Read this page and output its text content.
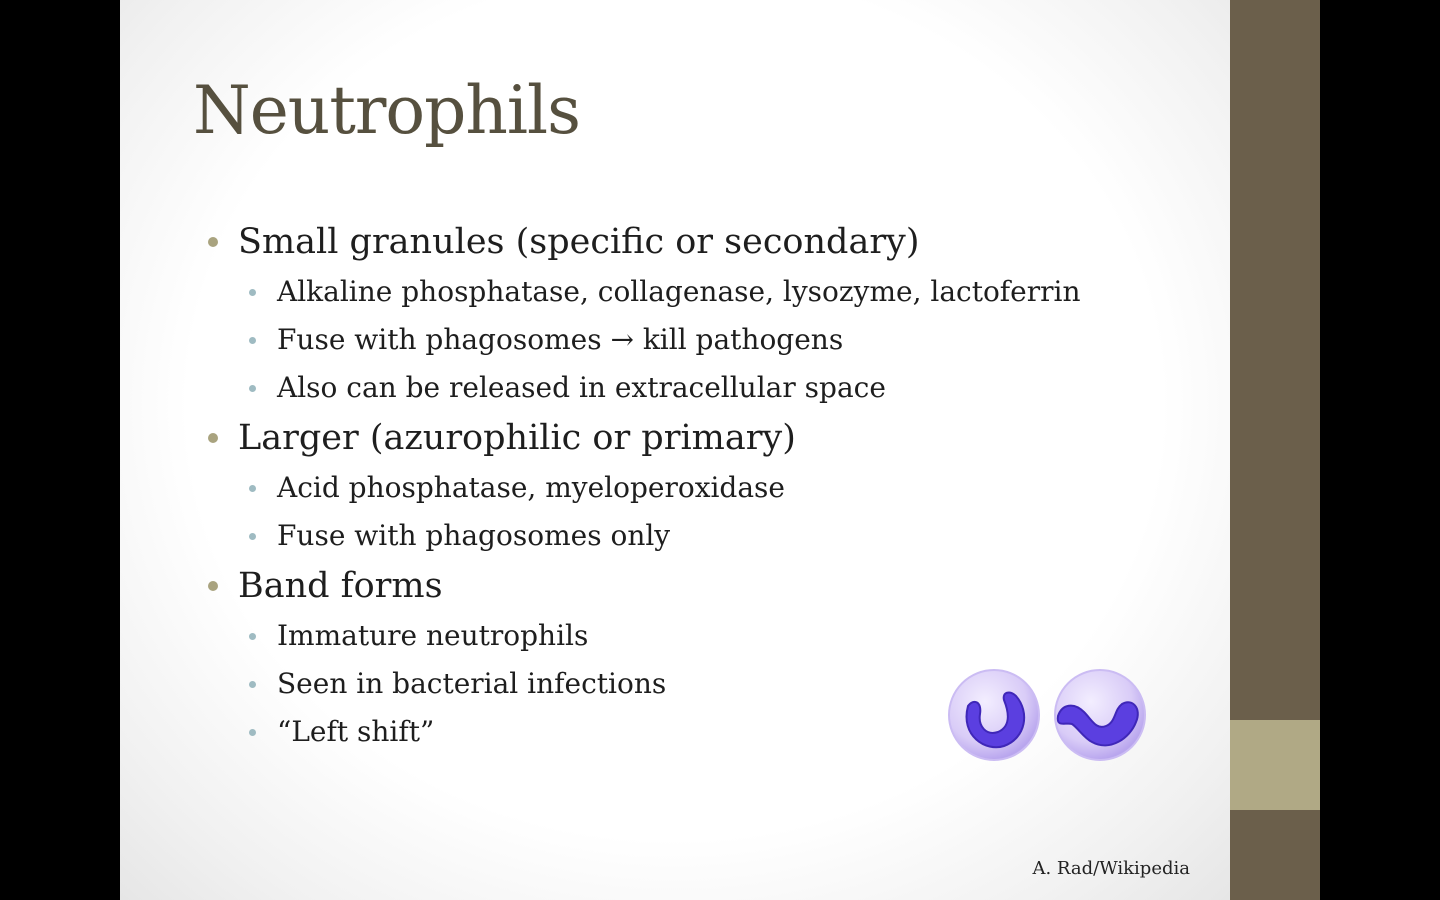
Neutrophils
Small granules (specific or secondary)
Alkaline phosphatase, collagenase, lysozyme, lactoferrin
Fuse with phagosomes → kill pathogens
Also can be released in extracellular space
Larger (azurophilic or primary)
Acid phosphatase, myeloperoxidase
Fuse with phagosomes only
Band forms
Immature neutrophils
Seen in bacterial infections
“Left shift”
A. Rad/Wikipedia
